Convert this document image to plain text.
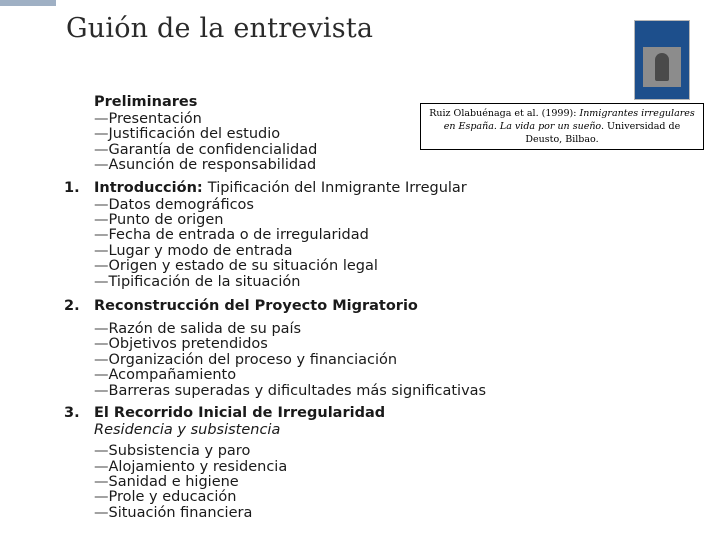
Guión de la entrevista
Ruiz Olabuénaga et al. (1999): Inmigrantes irregulares en España. La vida por un sueño. Universidad de Deusto, Bilbao.
Preliminares
— Presentación
— Justificación del estudio
— Garantía de confidencialidad
— Asunción de responsabilidad
1. Introducción: Tipificación del Inmigrante Irregular
— Datos demográficos
— Punto de origen
— Fecha de entrada o de irregularidad
— Lugar y modo de entrada
— Origen y estado de su situación legal
— Tipificación de la situación
2. Reconstrucción del Proyecto Migratorio
— Razón de salida de su país
— Objetivos pretendidos
— Organización del proceso y financiación
— Acompañamiento
— Barreras superadas y dificultades más significativas
3. El Recorrido Inicial de Irregularidad
Residencia y subsistencia
— Subsistencia y paro
— Alojamiento y residencia
— Sanidad e higiene
— Prole y educación
— Situación financiera
